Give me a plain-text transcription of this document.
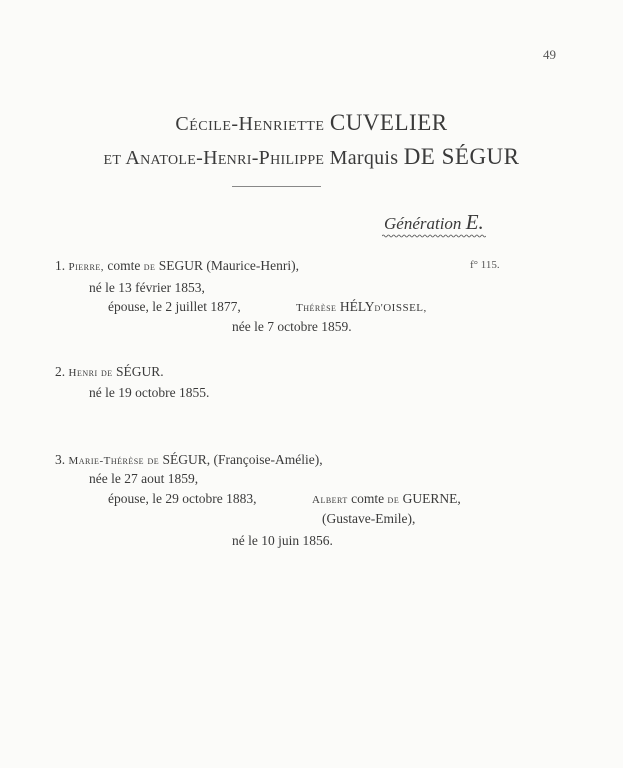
49
Cécile-Henriette CUVELIER
et Anatole-Henri-Philippe Marquis DE SÉGUR
Génération E.
1. Pierre, comte de SEGUR (Maurice-Henri),	f° 115.
né le 13 février 1853,
épouse, le 2 juillet 1877,	Thérèse HÉLYd'OISSEL,
née le 7 octobre 1859.
2. Henri de SÉGUR.
né le 19 octobre 1855.
3. Marie-Thérèse de SÉGUR, (Françoise-Amélie),
née le 27 aout 1859,
épouse, le 29 octobre 1883,	Albert comte de GUERNE,
(Gustave-Emile),
né le 10 juin 1856.
